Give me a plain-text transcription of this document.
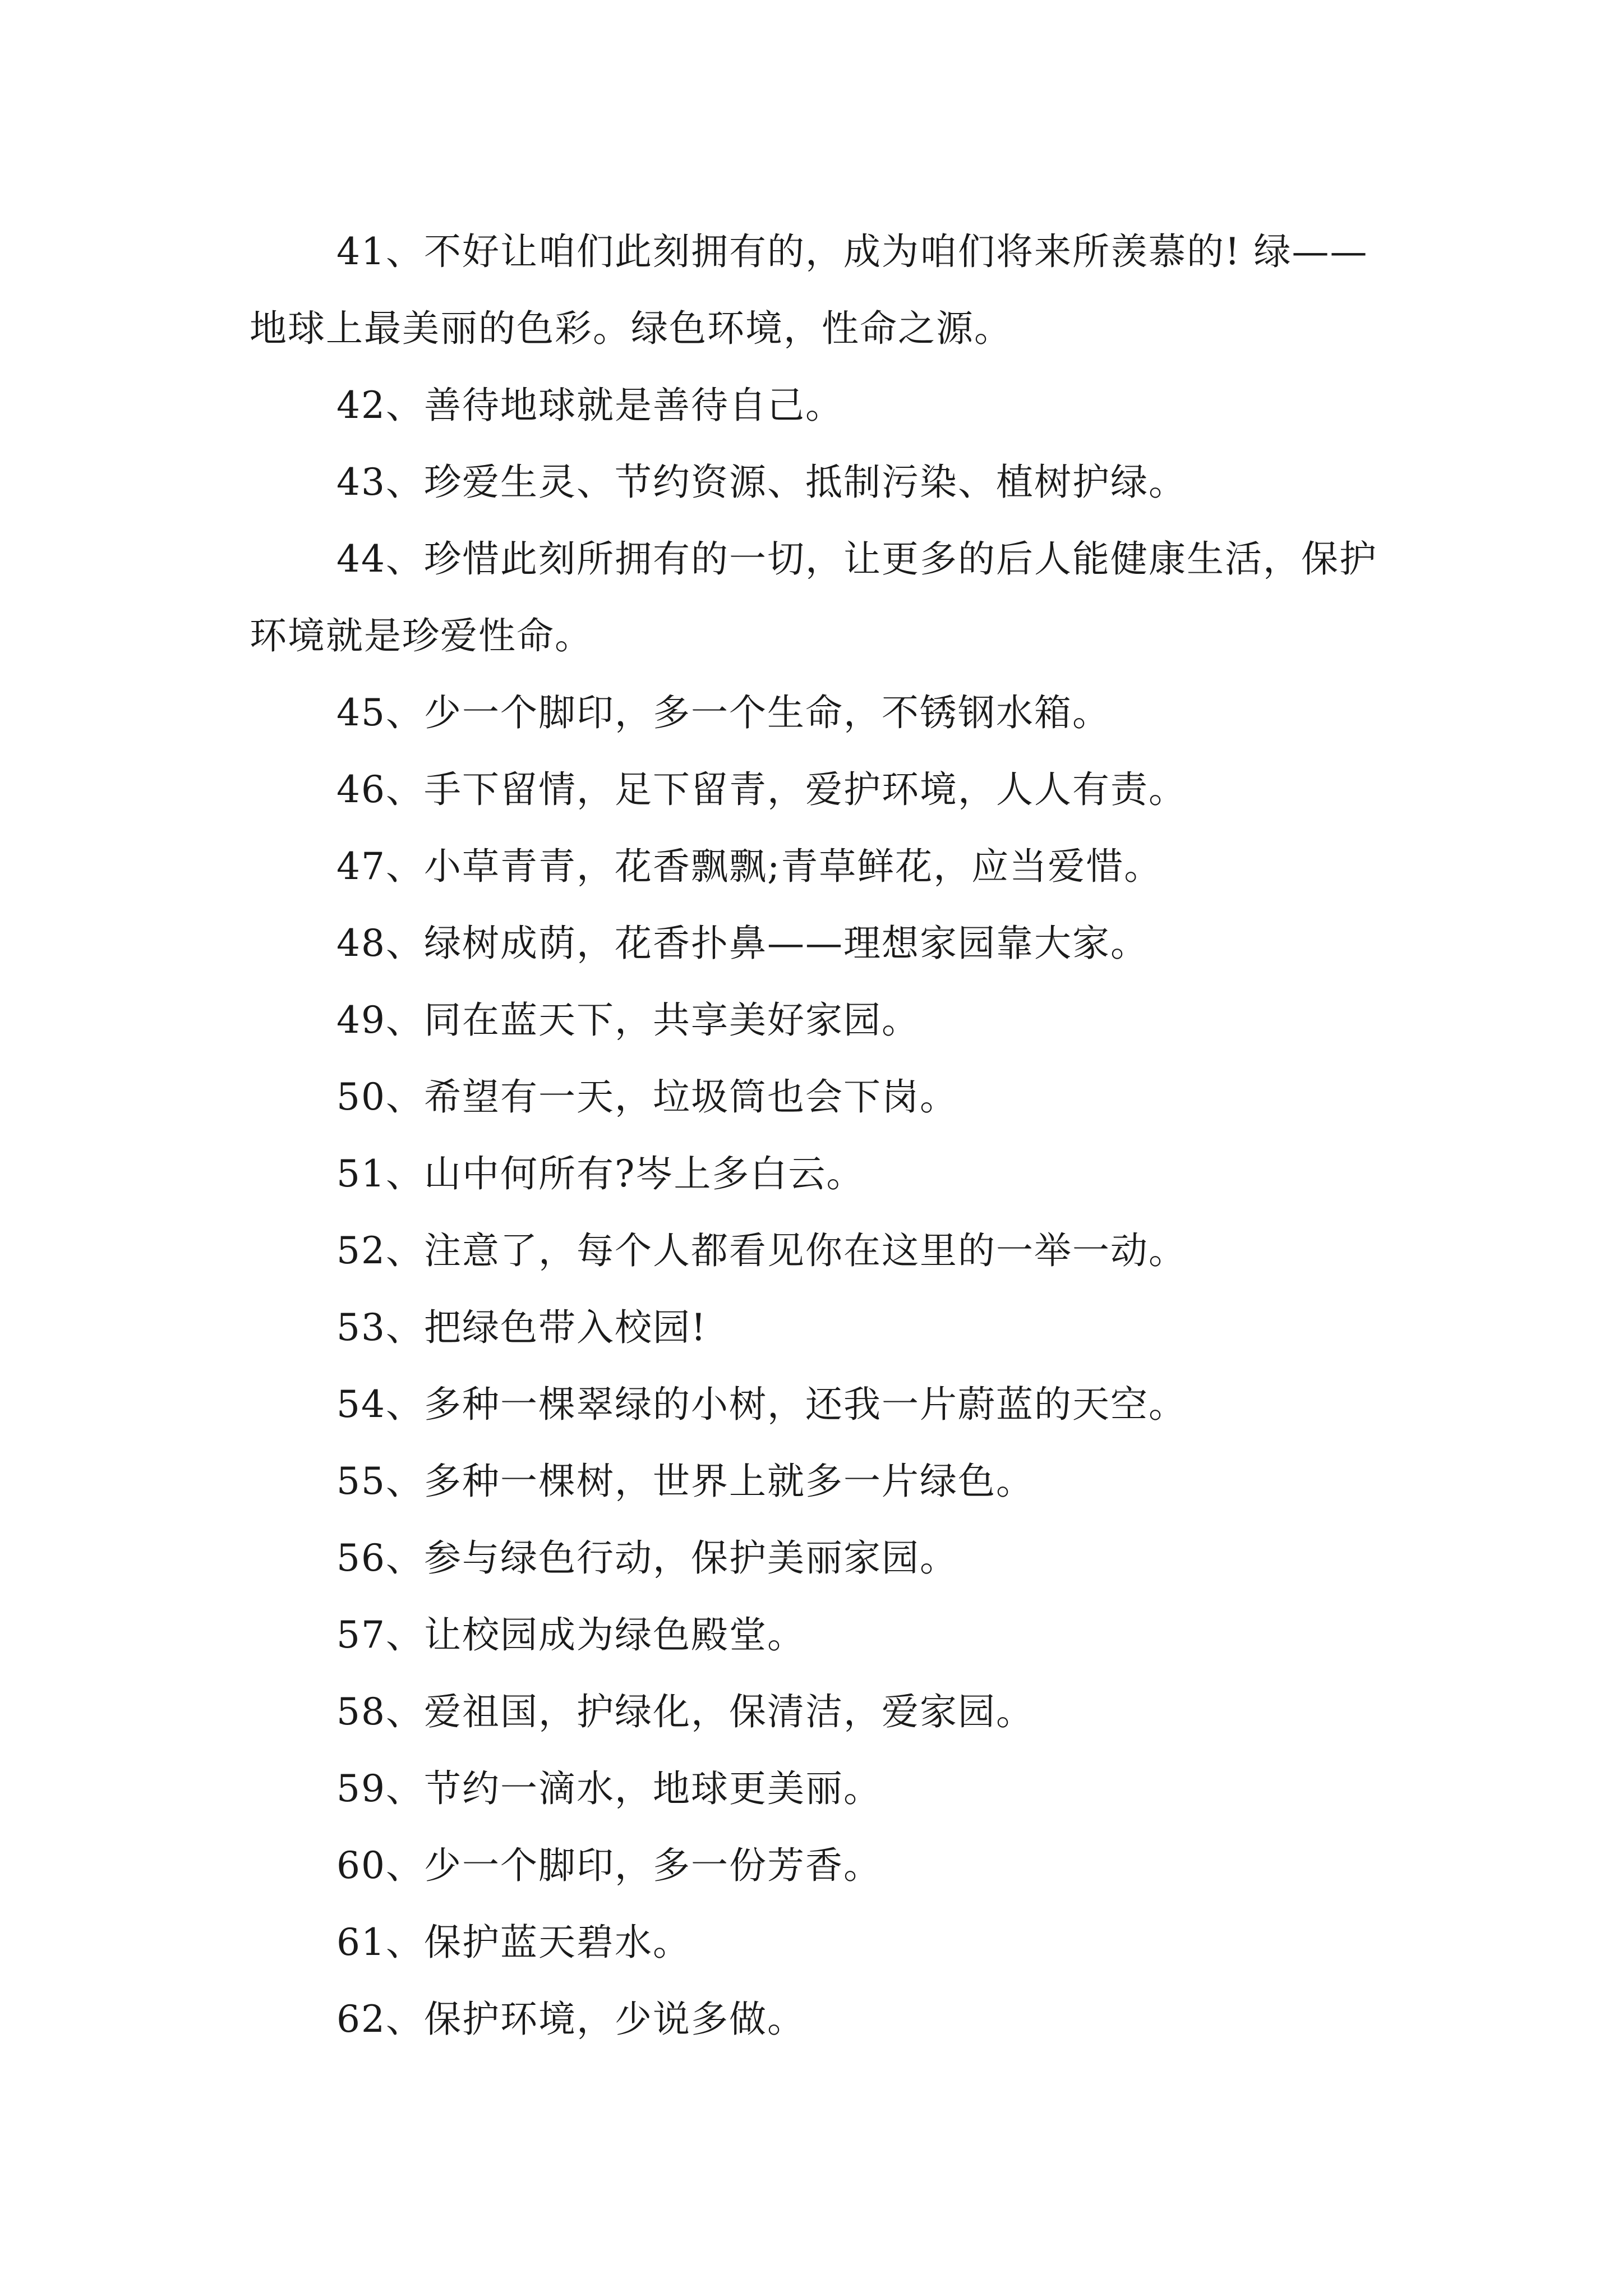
41、不好让咱们此刻拥有的，成为咱们将来所羡慕的! 绿——地球上最美丽的色彩。绿色环境，性命之源。

42、善待地球就是善待自己。

43、珍爱生灵、节约资源、抵制污染、植树护绿。

44、珍惜此刻所拥有的一切，让更多的后人能健康生活，保护环境就是珍爱性命。

45、少一个脚印，多一个生命，不锈钢水箱。

46、手下留情，足下留青，爱护环境，人人有责。

47、小草青青，花香飘飘;青草鲜花，应当爱惜。

48、绿树成荫，花香扑鼻——理想家园靠大家。

49、同在蓝天下，共享美好家园。

50、希望有一天，垃圾筒也会下岗。

51、山中何所有?岑上多白云。

52、注意了，每个人都看见你在这里的一举一动。

53、把绿色带入校园!

54、多种一棵翠绿的小树，还我一片蔚蓝的天空。

55、多种一棵树，世界上就多一片绿色。

56、参与绿色行动，保护美丽家园。

57、让校园成为绿色殿堂。

58、爱祖国，护绿化，保清洁，爱家园。

59、节约一滴水，地球更美丽。

60、少一个脚印，多一份芳香。

61、保护蓝天碧水。

62、保护环境，少说多做。
